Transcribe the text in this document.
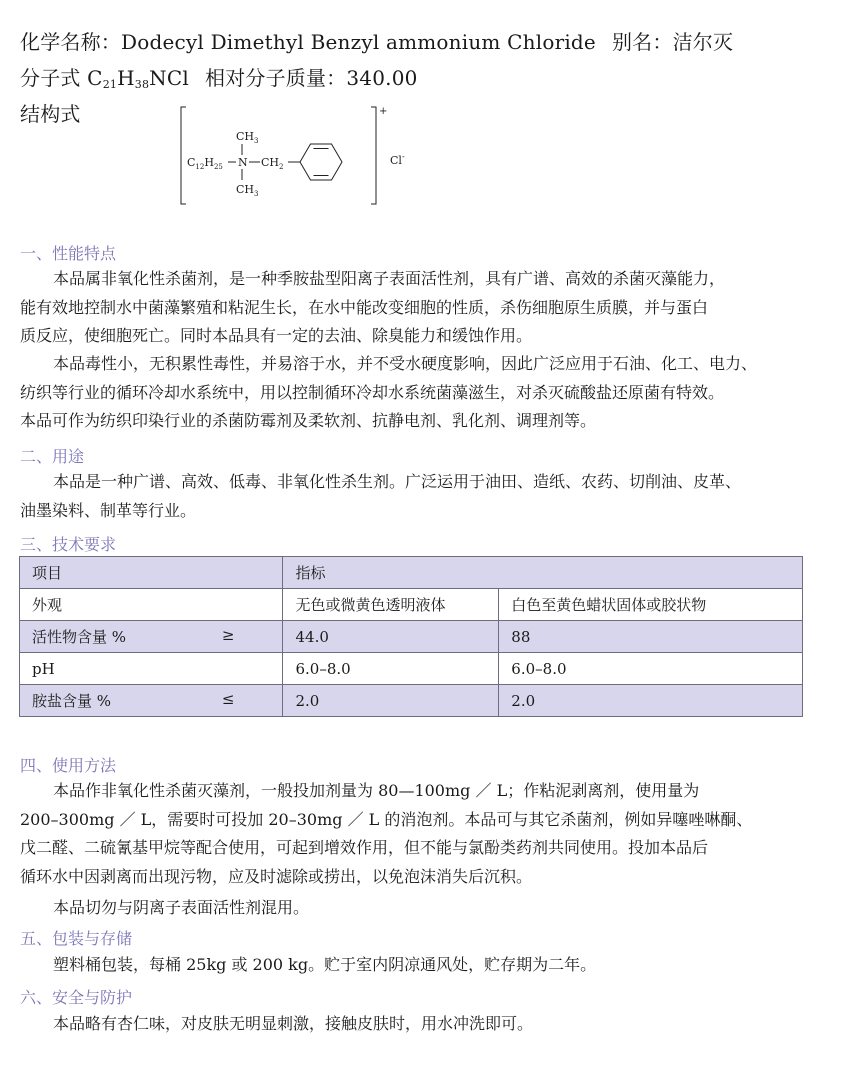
化学名称：Dodecyl Dimethyl Benzyl ammonium Chloride 别名：洁尔灭
分子式 $C_{21}H_{38}NCl$ 相对分子质量：340.00
结构式
$CH_3$
$CH_3$
$C_{12}H_{25}$ N $CH_2$
+
Cl-
一、性能特点
本品属非氧化性杀菌剂，是一种季胺盐型阳离子表面活性剂，具有广谱、高效的杀菌灭藻能力，
能有效地控制水中菌藻繁殖和粘泥生长，在水中能改变细胞的性质，杀伤细胞原生质膜，并与蛋白
质反应，使细胞死亡。同时本品具有一定的去油、除臭能力和缓蚀作用。
本品毒性小，无积累性毒性，并易溶于水，并不受水硬度影响，因此广泛应用于石油、化工、电力、
纺织等行业的循环冷却水系统中，用以控制循环冷却水系统菌藻滋生，对杀灭硫酸盐还原菌有特效。
本品可作为纺织印染行业的杀菌防霉剂及柔软剂、抗静电剂、乳化剂、调理剂等。
二、用途
本品是一种广谱、高效、低毒、非氧化性杀生剂。广泛运用于油田、造纸、农药、切削油、皮革、
油墨染料、制革等行业。
三、技术要求
项目	指标	
外观	无色或微黄色透明液体	白色至黄色蜡状固体或胶状物
活性物含量 % ≥	44.0	88
pH	6.0–8.0	6.0–8.0
胺盐含量 % ≤	2.0	2.0
四、使用方法
本品作非氧化性杀菌灭藻剂，一般投加剂量为 80—100mg ／ L；作粘泥剥离剂，使用量为
200–300mg ／ L，需要时可投加 20–30mg ／ L 的消泡剂。本品可与其它杀菌剂，例如异噻唑啉酮、
戊二醛、二硫氰基甲烷等配合使用，可起到增效作用，但不能与氯酚类药剂共同使用。投加本品后
循环水中因剥离而出现污物，应及时滤除或捞出，以免泡沫消失后沉积。
本品切勿与阴离子表面活性剂混用。
五、包装与存储
塑料桶包装，每桶 25kg 或 200 kg。贮于室内阴凉通风处，贮存期为二年。
六、安全与防护
本品略有杏仁味，对皮肤无明显刺激，接触皮肤时，用水冲洗即可。
